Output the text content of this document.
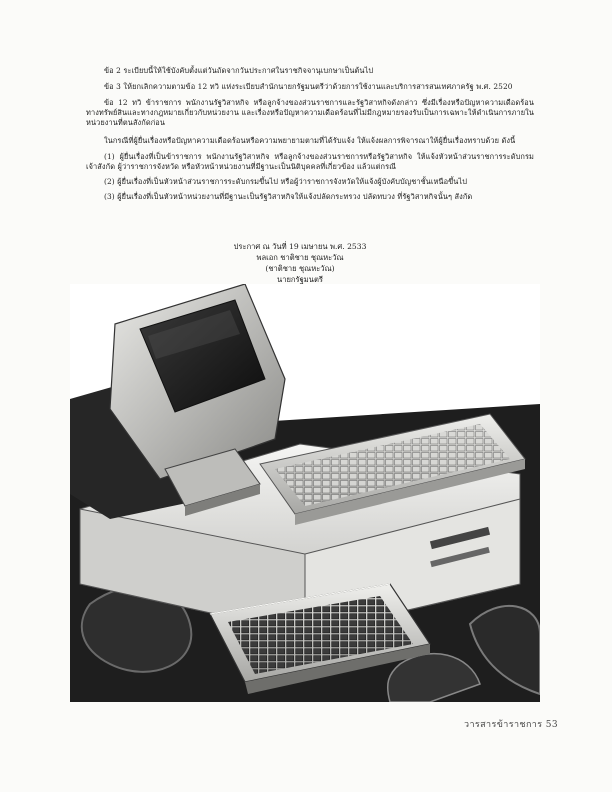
ข้อ 2 ระเบียบนี้ให้ใช้บังคับตั้งแต่วันถัดจากวันประกาศในราชกิจจานุเบกษาเป็นต้นไป

ข้อ 3 ให้ยกเลิกความตามข้อ 12 ทวิ แห่งระเบียบสำนักนายกรัฐมนตรีว่าด้วยการใช้งานและบริการสารสนเทศภาครัฐ พ.ศ. 2520

ข้อ 12 ทวิ ข้าราชการ พนักงานรัฐวิสาหกิจ หรือลูกจ้างของส่วนราชการและรัฐวิสาหกิจดังกล่าว ซึ่งมีเรื่องหรือปัญหาความเดือดร้อนทางทรัพย์สินและทางกฎหมายเกี่ยวกับหน่วยงาน และเรื่องหรือปัญหาความเดือดร้อนที่ไม่มีกฎหมายรองรับเป็นการเฉพาะให้ดำเนินการภายในหน่วยงานที่ตนสังกัดก่อน

ในกรณีที่ผู้ยื่นเรื่องหรือปัญหาความเดือดร้อนหรือความพยายามตามที่ได้รับแจ้ง ให้แจ้งผลการพิจารณาให้ผู้ยื่นเรื่องทราบด้วย ดังนี้

(1) ผู้ยื่นเรื่องที่เป็นข้าราชการ พนักงานรัฐวิสาหกิจ หรือลูกจ้างของส่วนราชการหรือรัฐวิสาหกิจ ให้แจ้งหัวหน้าส่วนราชการระดับกรม เจ้าสังกัด ผู้ว่าราชการจังหวัด หรือหัวหน้าหน่วยงานที่มีฐานะเป็นนิติบุคคลที่เกี่ยวข้อง แล้วแต่กรณี

(2) ผู้ยื่นเรื่องที่เป็นหัวหน้าส่วนราชการระดับกรมขึ้นไป หรือผู้ว่าราชการจังหวัดให้แจ้งผู้บังคับบัญชาชั้นเหนือขึ้นไป

(3) ผู้ยื่นเรื่องที่เป็นหัวหน้าหน่วยงานที่มีฐานะเป็นรัฐวิสาหกิจให้แจ้งปลัดกระทรวง ปลัดทบวง ที่รัฐวิสาหกิจนั้นๆ สังกัด

ประกาศ ณ วันที่ 19 เมษายน พ.ศ. 2533
พลเอก ชาติชาย ชุณหะวัณ
(ชาติชาย ชุณหะวัณ)
นายกรัฐมนตรี
วารสารข้าราชการ 53
